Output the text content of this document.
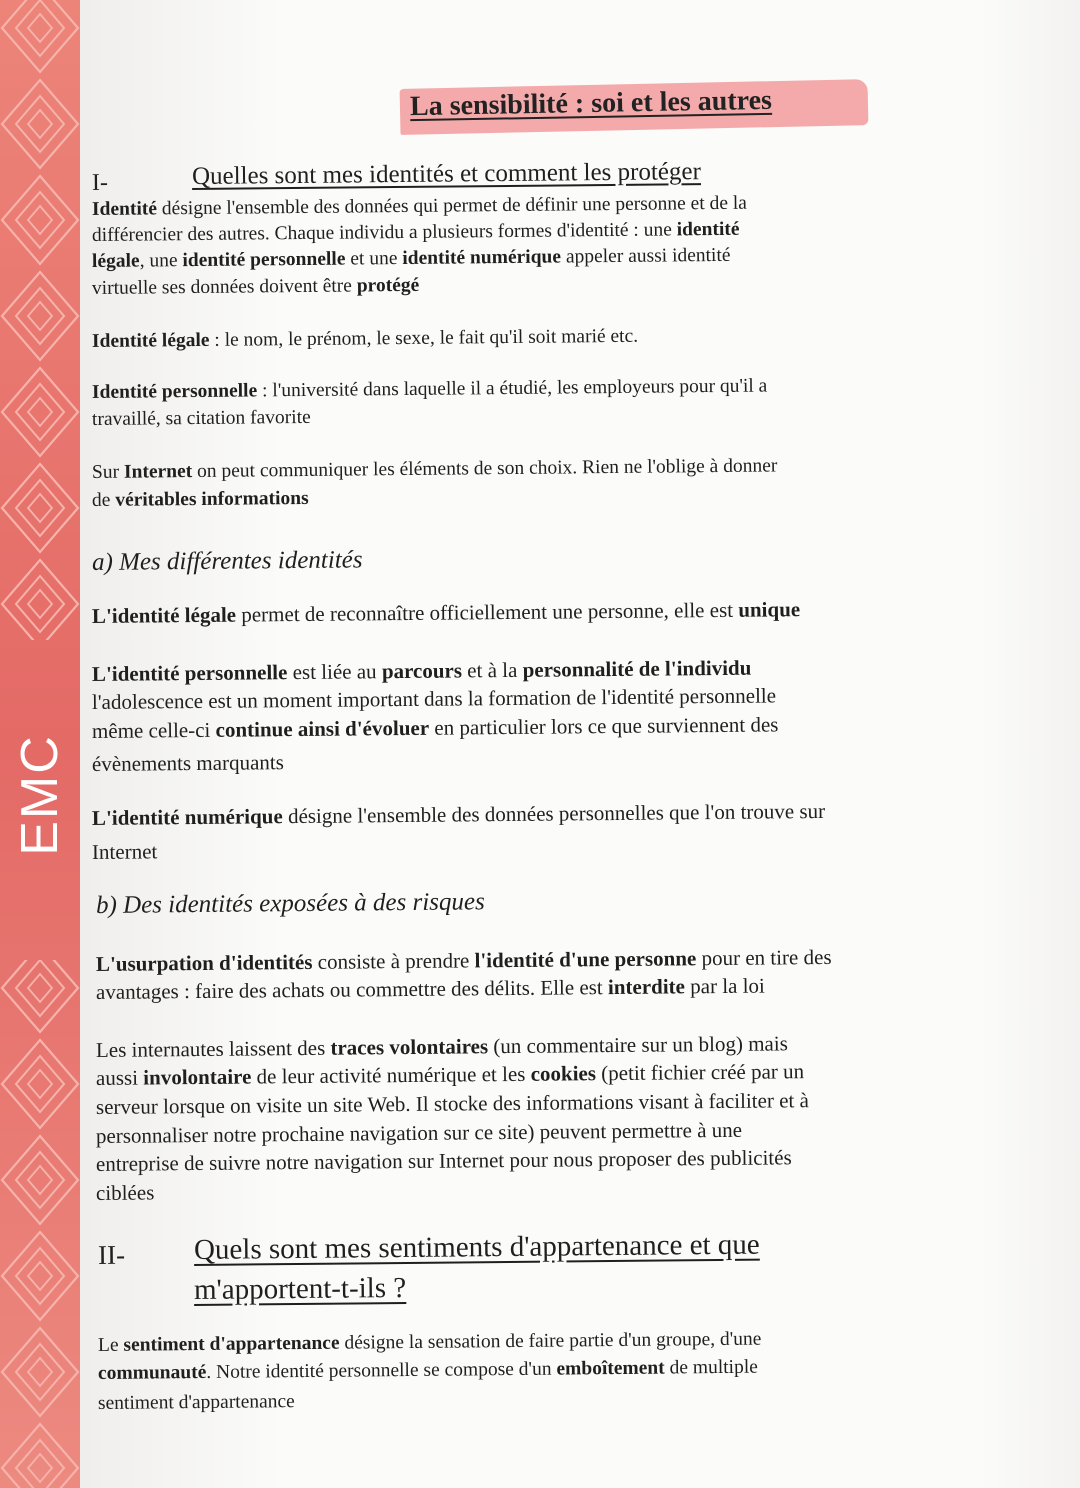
EMC
La sensibilité : soi et les autres
I-	Quelles sont mes identités et comment les protéger
Identité désigne l'ensemble des données qui permet de définir une personne et de la
différencier des autres. Chaque individu a plusieurs formes d'identité : une identité
légale, une identité personnelle et une identité numérique appeler aussi identité
virtuelle ses données doivent être protégé
Identité légale : le nom, le prénom, le sexe, le fait qu'il soit marié etc.
Identité personnelle : l'université dans laquelle il a étudié, les employeurs pour qu'il a
travaillé, sa citation favorite
Sur Internet on peut communiquer les éléments de son choix. Rien ne l'oblige à donner
de véritables informations
a) Mes différentes identités
L'identité légale permet de reconnaître officiellement une personne, elle est unique
L'identité personnelle est liée au parcours et à la personnalité de l'individu
l'adolescence est un moment important dans la formation de l'identité personnelle
même celle-ci continue ainsi d'évoluer en particulier lors ce que surviennent des
évènements marquants
L'identité numérique désigne l'ensemble des données personnelles que l'on trouve sur
Internet
b) Des identités exposées à des risques
L'usurpation d'identités consiste à prendre l'identité d'une personne pour en tire des
avantages : faire des achats ou commettre des délits. Elle est interdite par la loi
Les internautes laissent des traces volontaires (un commentaire sur un blog) mais
aussi involontaire de leur activité numérique et les cookies (petit fichier créé par un
serveur lorsque on visite un site Web. Il stocke des informations visant à faciliter et à
personnaliser notre prochaine navigation sur ce site) peuvent permettre à une
entreprise de suivre notre navigation sur Internet pour nous proposer des publicités
ciblées
II- Quels sont mes sentiments d'appartenance et que
m'apportent-t-ils ?
Le sentiment d'appartenance désigne la sensation de faire partie d'un groupe, d'une
communauté. Notre identité personnelle se compose d'un emboîtement de multiple
sentiment d'appartenance
